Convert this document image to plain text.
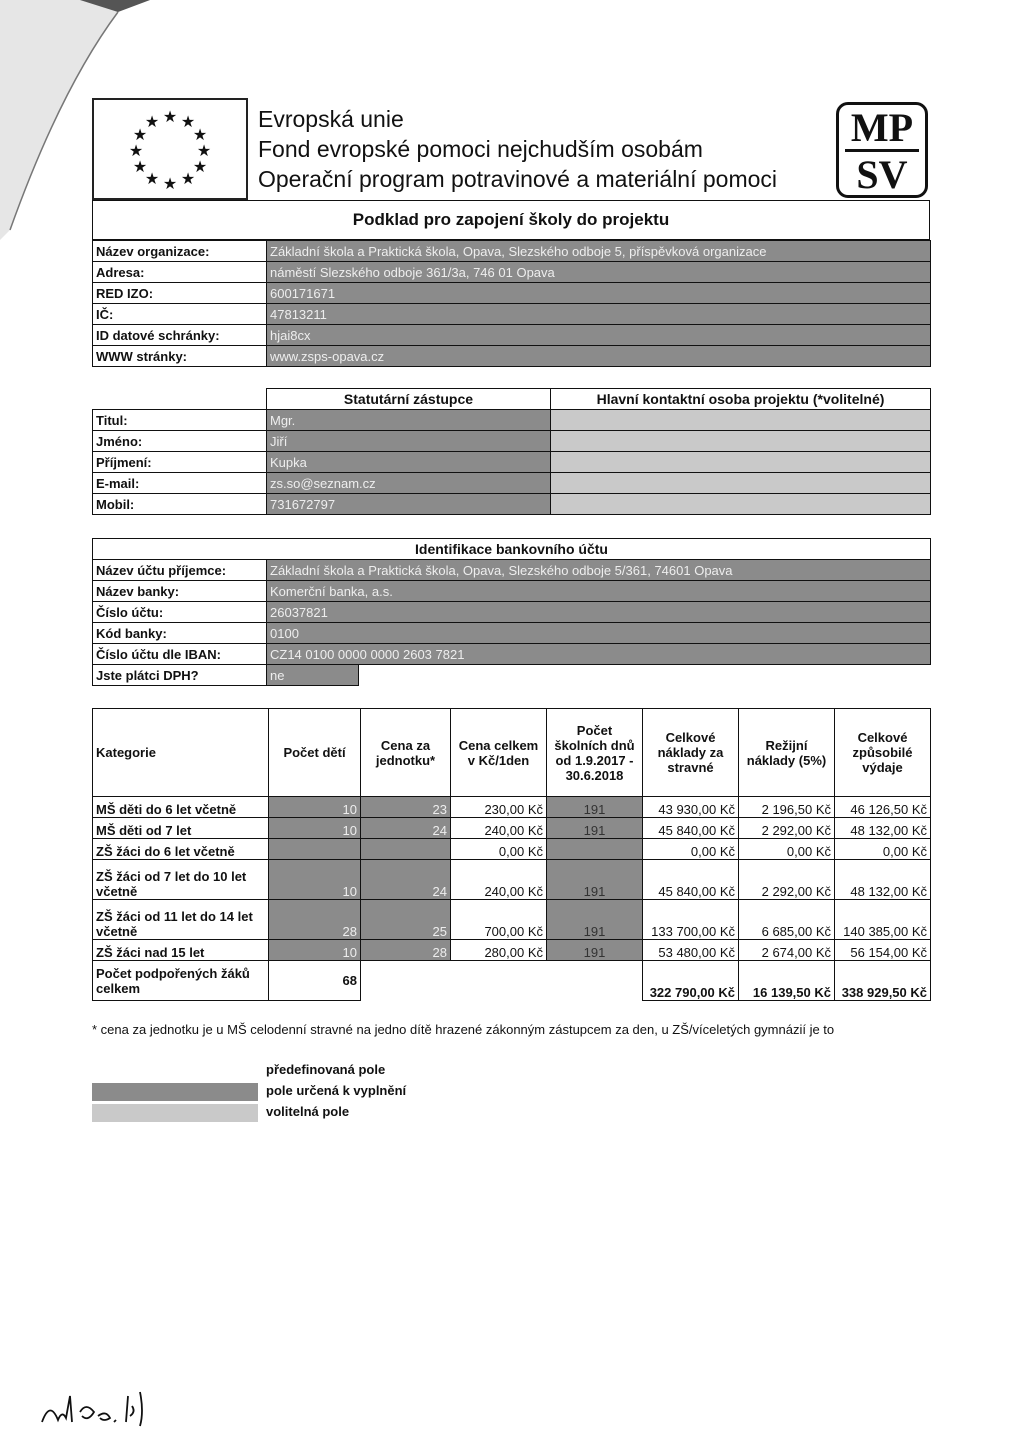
★ ★
★
★
★
★
★
★
★
★
★
★	Evropská unie
Fond evropské pomoci nejchudším osobám
Operační program potravinové a materiální pomoci
MP
SV
Podklad pro zapojení školy do projektu
Název organizace:	Základní škola a Praktická škola, Opava, Slezského odboje 5, příspěvková organizace
Adresa:	náměstí Slezského odboje 361/3a, 746 01 Opava
RED IZO:	600171671
IČ:	47813211
ID datové schránky:	hjai8cx
WWW stránky:	www.zsps-opava.cz
	Statutární zástupce	Hlavní kontaktní osoba projektu (*volitelné)
Titul:	Mgr.	
Jméno:	Jiří	
Příjmení:	Kupka	
E-mail:	zs.so@seznam.cz	
Mobil:	731672797	
Identifikace bankovního účtu		
Název účtu příjemce:	Základní škola a Praktická škola, Opava, Slezského odboje 5/361, 74601 Opava	
Název banky:	Komerční banka, a.s.	
Číslo účtu:	26037821	
Kód banky:	0100	
Číslo účtu dle IBAN:	CZ14 0100 0000 0000 2603 7821	
Jste plátci DPH?	ne	
Kategorie	Počet dětí	Cena za jednotku*	Cena celkem v Kč/1den	Počet školních dnů od 1.9.2017 - 30.6.2018	Celkové náklady za stravné	Režijní náklady (5%)	Celkové způsobilé výdaje
MŠ děti do 6 let včetně	10	23	230,00 Kč	191	43 930,00 Kč	2 196,50 Kč	46 126,50 Kč
MŠ děti od 7 let	10	24	240,00 Kč	191	45 840,00 Kč	2 292,00 Kč	48 132,00 Kč
ZŠ žáci do 6 let včetně			0,00 Kč		0,00 Kč	0,00 Kč	0,00 Kč
ZŠ žáci od 7 let do 10 let včetně	10	24	240,00 Kč	191	45 840,00 Kč	2 292,00 Kč	48 132,00 Kč
ZŠ žáci od 11 let do 14 let včetně	28	25	700,00 Kč	191	133 700,00 Kč	6 685,00 Kč	140 385,00 Kč
ZŠ žáci nad 15 let	10	28	280,00 Kč	191	53 480,00 Kč	2 674,00 Kč	56 154,00 Kč
Počet podpořených žáků celkem	68				322 790,00 Kč	16 139,50 Kč	338 929,50 Kč
* cena za jednotku je u MŠ celodenní stravné na jedno dítě hrazené zákonným zástupcem za den, u ZŠ/víceletých gymnázií je to
předefinovaná pole
pole určená k vyplnění
volitelná pole
